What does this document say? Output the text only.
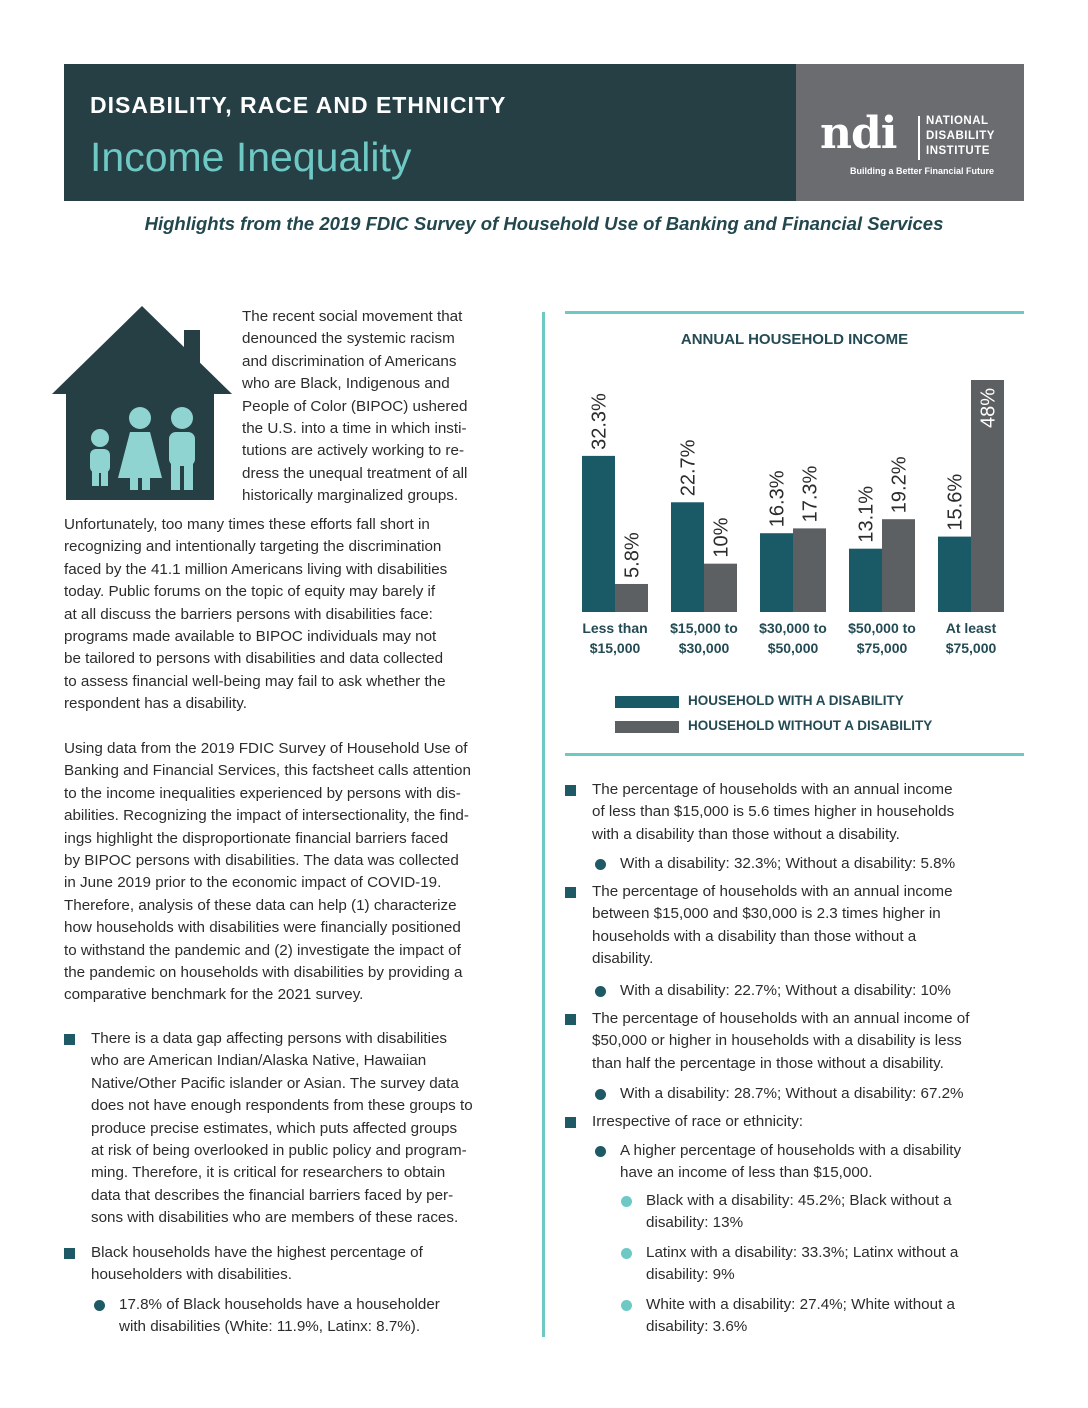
DISABILITY, RACE AND ETHNICITY
Income Inequality	ndi	NATIONAL
DISABILITY
INSTITUTE
Building a Better Financial Future
Highlights from the 2019 FDIC Survey of Household Use of Banking and Financial Services
The recent social movement that
denounced the systemic racism
and discrimination of Americans
who are Black, Indigenous and
People of Color (BIPOC) ushered
the U.S. into a time in which insti-
tutions are actively working to re-
dress the unequal treatment of all
historically marginalized groups.
Unfortunately, too many times these efforts fall short in
recognizing and intentionally targeting the discrimination
faced by the 41.1 million Americans living with disabilities
today. Public forums on the topic of equity may barely if
at all discuss the barriers persons with disabilities face:
programs made available to BIPOC individuals may not
be tailored to persons with disabilities and data collected
to assess financial well-being may fail to ask whether the
respondent has a disability.
Using data from the 2019 FDIC Survey of Household Use of
Banking and Financial Services, this factsheet calls attention
to the income inequalities experienced by persons with dis-
abilities. Recognizing the impact of intersectionality, the find-
ings highlight the disproportionate financial barriers faced
by BIPOC persons with disabilities. The data was collected
in June 2019 prior to the economic impact of COVID-19.
Therefore, analysis of these data can help (1) characterize
how households with disabilities were financially positioned
to withstand the pandemic and (2) investigate the impact of
the pandemic on households with disabilities by providing a
comparative benchmark for the 2021 survey.
There is a data gap affecting persons with disabilities
who are American Indian/Alaska Native, Hawaiian
Native/Other Pacific islander or Asian. The survey data
does not have enough respondents from these groups to
produce precise estimates, which puts affected groups
at risk of being overlooked in public policy and program-
ming. Therefore, it is critical for researchers to obtain
data that describes the financial barriers faced by per-
sons with disabilities who are members of these races.
Black households have the highest percentage of
householders with disabilities.
17.8% of Black households have a householder
with disabilities (White: 11.9%, Latinx: 8.7%).
ANNUAL HOUSEHOLD INCOME
32.3%
5.8%
Less than
$15,000
22.7%
10%
$15,000 to
$30,000
16.3% 17.3%
$30,000 to
$50,000
13.1%
19.2%
$50,000 to
$75,000
15.6%
48%
At least
$75,000
HOUSEHOLD WITH A DISABILITY
HOUSEHOLD WITHOUT A DISABILITY
The percentage of households with an annual income
of less than $15,000 is 5.6 times higher in households
with a disability than those without a disability.
With a disability: 32.3%; Without a disability: 5.8%
The percentage of households with an annual income
between $15,000 and $30,000 is 2.3 times higher in
households with a disability than those without a
disability.
With a disability: 22.7%; Without a disability: 10%
The percentage of households with an annual income of
$50,000 or higher in households with a disability is less
than half the percentage in those without a disability.
With a disability: 28.7%; Without a disability: 67.2%
Irrespective of race or ethnicity:
A higher percentage of households with a disability
have an income of less than $15,000.
Black with a disability: 45.2%; Black without a
disability: 13%
Latinx with a disability: 33.3%; Latinx without a
disability: 9%
White with a disability: 27.4%; White without a
disability: 3.6%
